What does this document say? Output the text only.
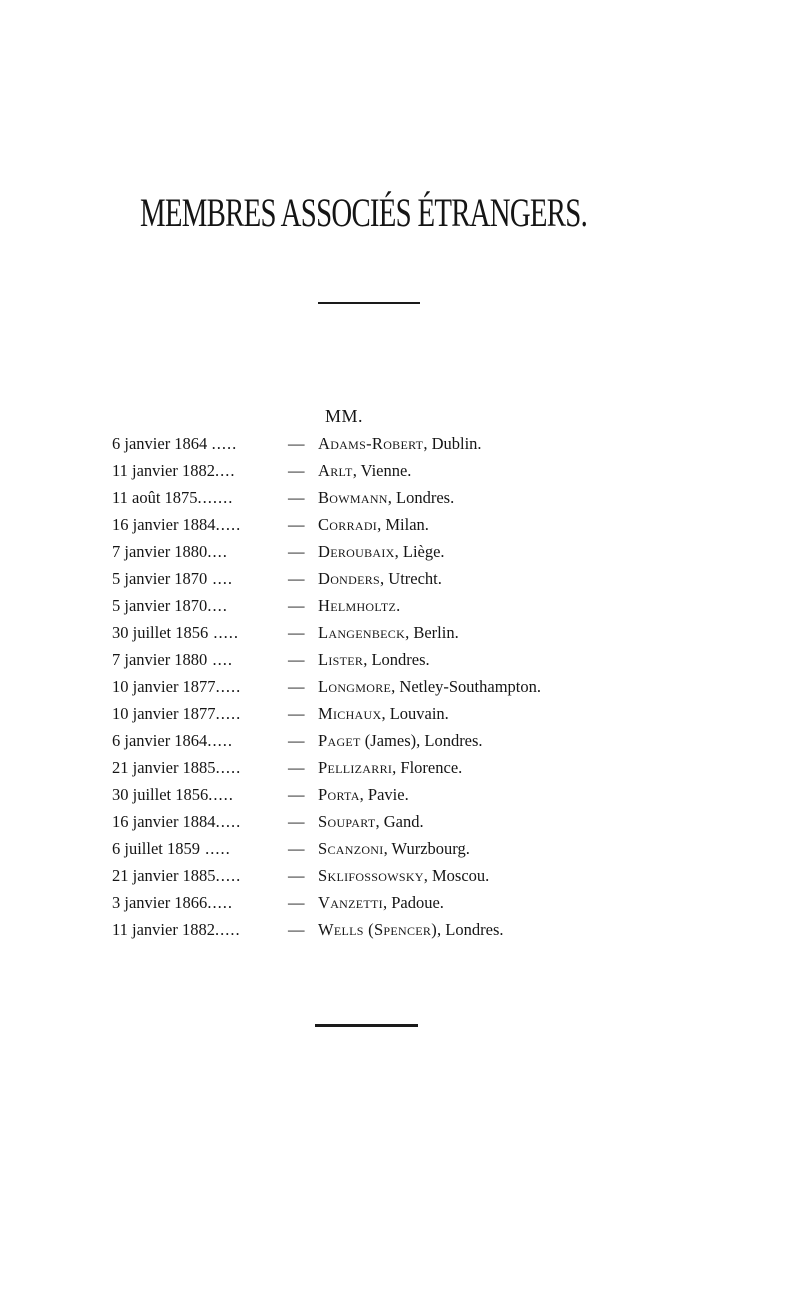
MEMBRES ASSOCIÉS ÉTRANGERS.
MM.
6 janvier 1864 .....	— Adams-Robert, Dublin.
11 janvier 1882....	— Arlt, Vienne.
11 août 1875.......	— Bowmann, Londres.
16 janvier 1884.....	— Corradi, Milan.
7 janvier 1880....	— Deroubaix, Liège.
5 janvier 1870 ....	— Donders, Utrecht.
5 janvier 1870....	— Helmholtz.
30 juillet 1856 .....	— Langenbeck, Berlin.
7 janvier 1880 ....	— Lister, Londres.
10 janvier 1877.....	— Longmore, Netley-Southampton.
10 janvier 1877.....	— Michaux, Louvain.
6 janvier 1864.....	— Paget (James), Londres.
21 janvier 1885.....	— Pellizarri, Florence.
30 juillet 1856.....	— Porta, Pavie.
16 janvier 1884.....	— Soupart, Gand.
6 juillet 1859 .....	— Scanzoni, Wurzbourg.
21 janvier 1885.....	— Sklifossowsky, Moscou.
3 janvier 1866.....	— Vanzetti, Padoue.
11 janvier 1882.....	— Wells (Spencer), Londres.
